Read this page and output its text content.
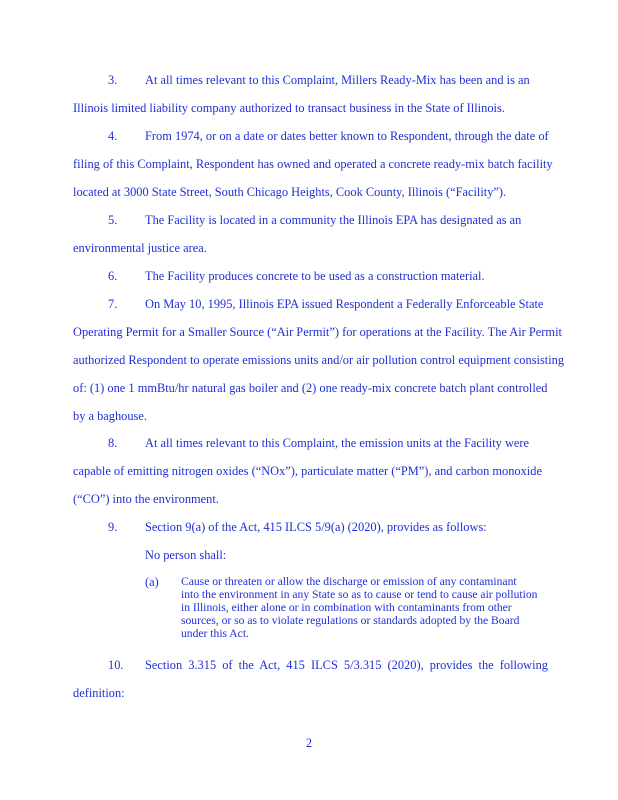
3. At all times relevant to this Complaint, Millers Ready-Mix has been and is an
Illinois limited liability company authorized to transact business in the State of Illinois.
4. From 1974, or on a date or dates better known to Respondent, through the date of
filing of this Complaint, Respondent has owned and operated a concrete ready-mix batch facility
located at 3000 State Street, South Chicago Heights, Cook County, Illinois (“Facility”).
5. The Facility is located in a community the Illinois EPA has designated as an
environmental justice area.
6. The Facility produces concrete to be used as a construction material.
7. On May 10, 1995, Illinois EPA issued Respondent a Federally Enforceable State
Operating Permit for a Smaller Source (“Air Permit”) for operations at the Facility. The Air Permit
authorized Respondent to operate emissions units and/or air pollution control equipment consisting
of: (1) one 1 mmBtu/hr natural gas boiler and (2) one ready-mix concrete batch plant controlled
by a baghouse.
8. At all times relevant to this Complaint, the emission units at the Facility were
capable of emitting nitrogen oxides (“NOx”), particulate matter (“PM”), and carbon monoxide
(“CO”) into the environment.
9. Section 9(a) of the Act, 415 ILCS 5/9(a) (2020), provides as follows:
No person shall:
(a) Cause or threaten or allow the discharge or emission of any contaminant
into the environment in any State so as to cause or tend to cause air pollution
in Illinois, either alone or in combination with contaminants from other
sources, or so as to violate regulations or standards adopted by the Board
under this Act.
10. Section 3.315 of the Act, 415 ILCS 5/3.315 (2020), provides the following
definition:
2
